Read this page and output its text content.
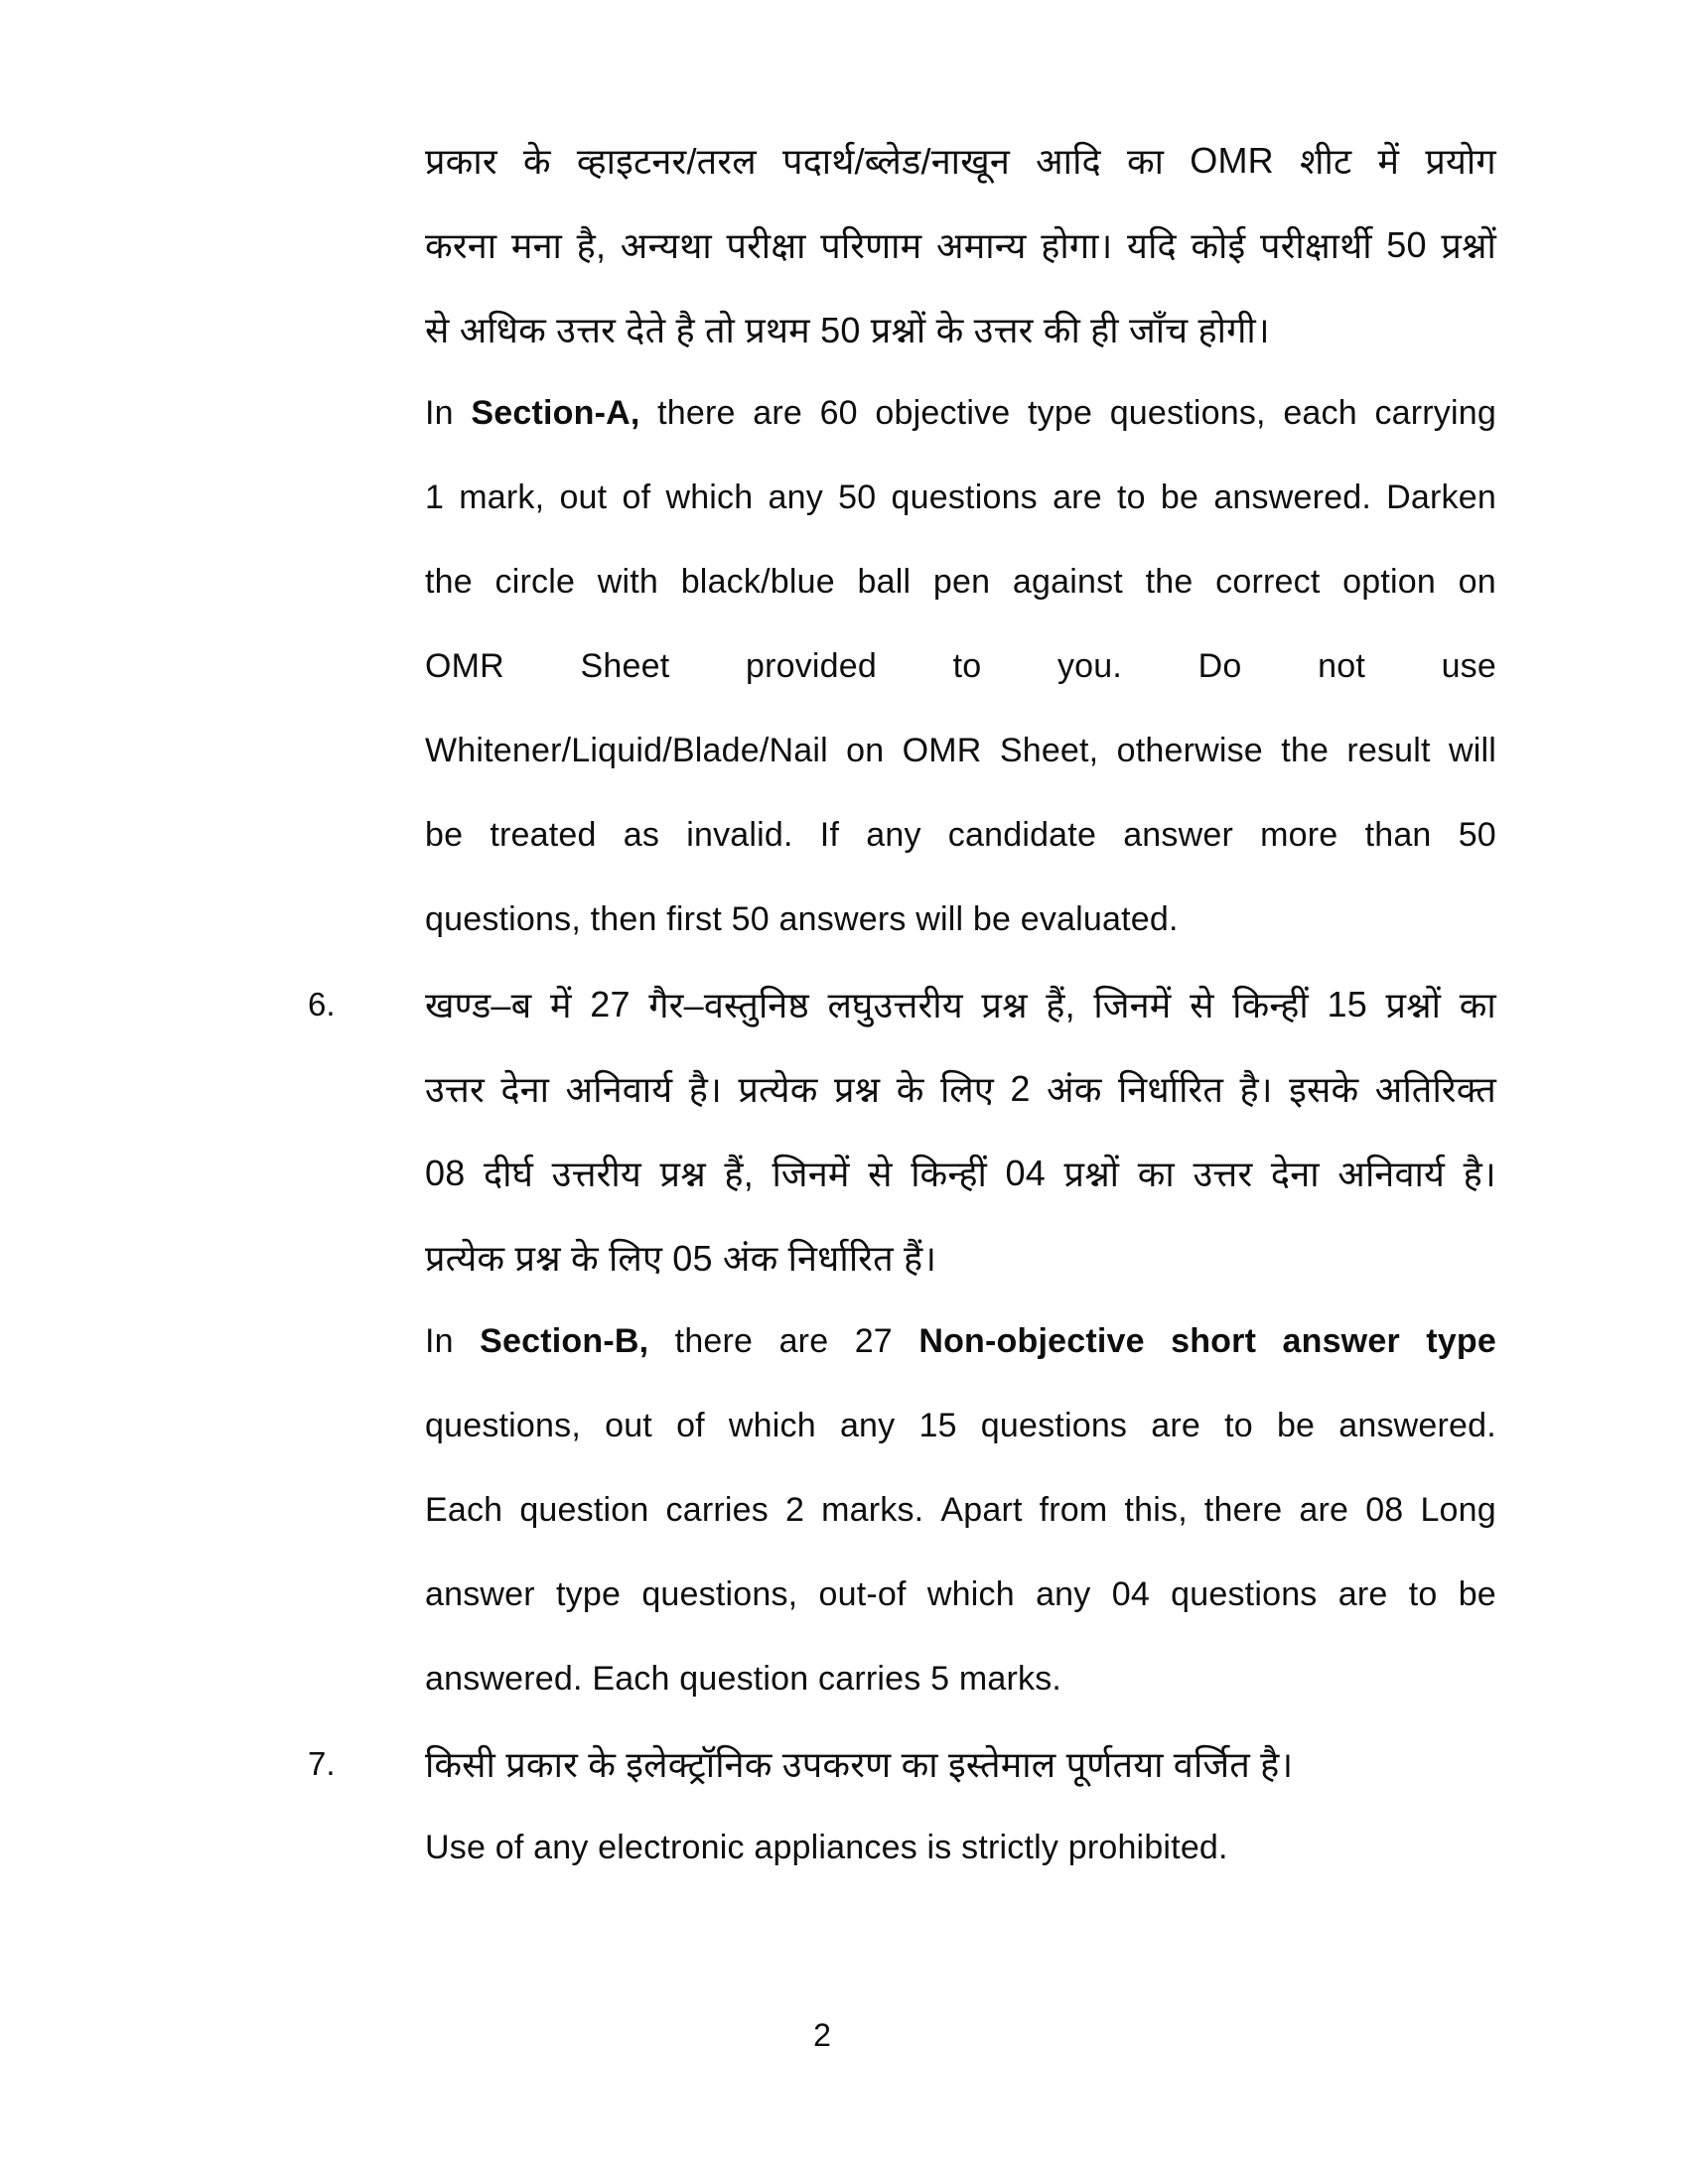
प्रकार के व्हाइटनर/तरल पदार्थ/ब्लेड/नाखून आदि का OMR शीट में प्रयोग
करना मना है, अन्यथा परीक्षा परिणाम अमान्य होगा। यदि कोई परीक्षार्थी 50 प्रश्नों
से अधिक उत्तर देते है तो प्रथम 50 प्रश्नों के उत्तर की ही जाँच होगी।
In Section-A, there are 60 objective type questions, each carrying
1 mark, out of which any 50 questions are to be answered. Darken
the circle with black/blue ball pen against the correct option on
OMR Sheet provided to you. Do not use
Whitener/Liquid/Blade/Nail on OMR Sheet, otherwise the result will
be treated as invalid. If any candidate answer more than 50
questions, then first 50 answers will be evaluated.
6.	खण्ड–ब में 27 गैर–वस्तुनिष्ठ लघुउत्तरीय प्रश्न हैं, जिनमें से किन्हीं 15 प्रश्नों का
उत्तर देना अनिवार्य है। प्रत्येक प्रश्न के लिए 2 अंक निर्धारित है। इसके अतिरिक्त
08 दीर्घ उत्तरीय प्रश्न हैं, जिनमें से किन्हीं 04 प्रश्नों का उत्तर देना अनिवार्य है।
प्रत्येक प्रश्न के लिए 05 अंक निर्धारित हैं।
In Section-B, there are 27 Non-objective short answer type
questions, out of which any 15 questions are to be answered.
Each question carries 2 marks. Apart from this, there are 08 Long
answer type questions, out-of which any 04 questions are to be
answered. Each question carries 5 marks.
7.	किसी प्रकार के इलेक्ट्रॉनिक उपकरण का इस्तेमाल पूर्णतया वर्जित है।
Use of any electronic appliances is strictly prohibited.
2
